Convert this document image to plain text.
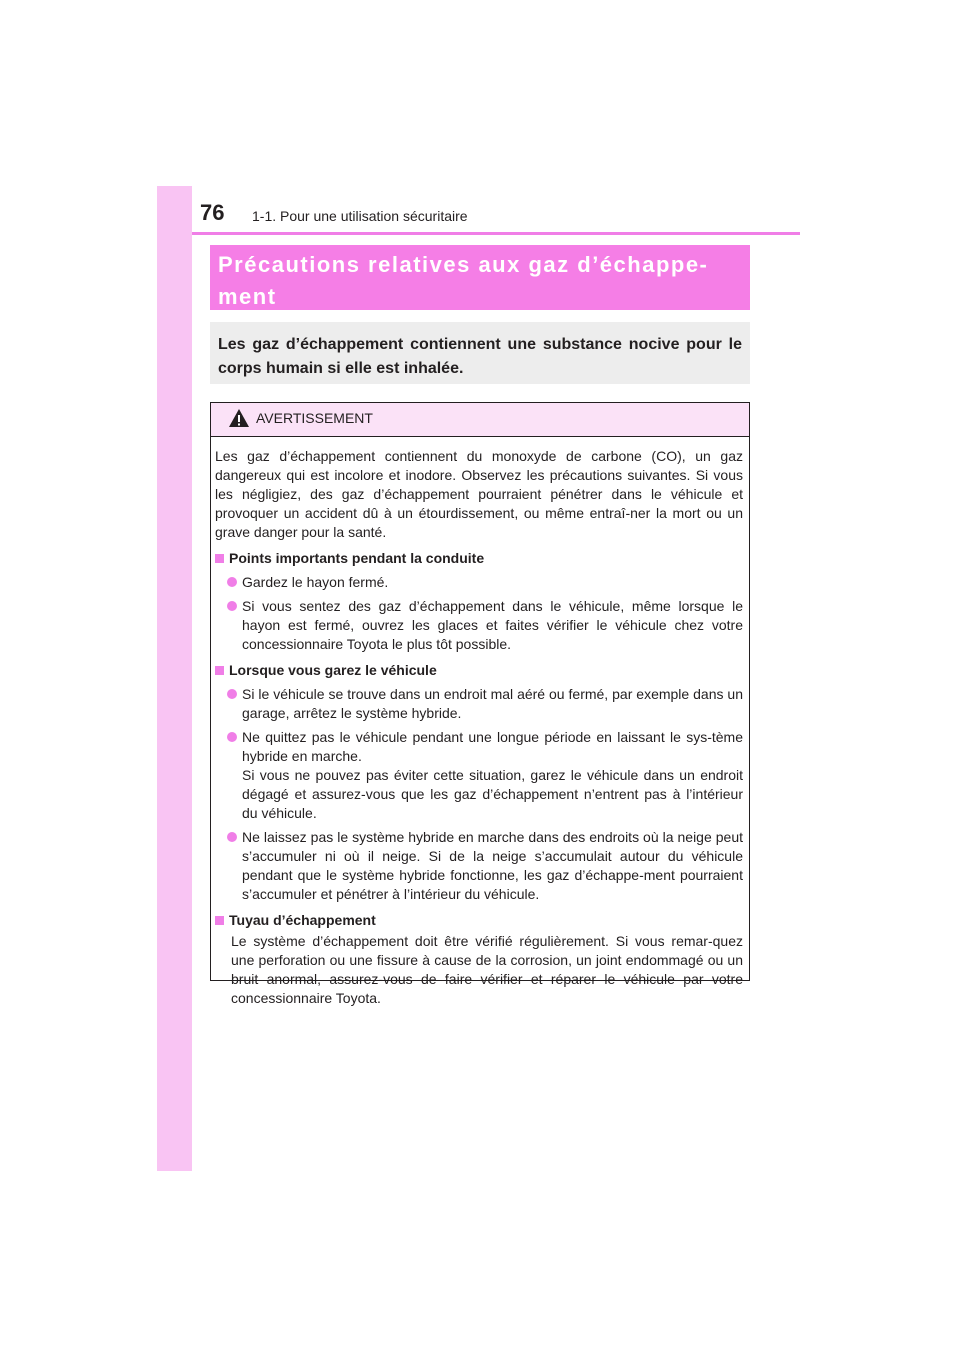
76 1-1. Pour une utilisation sécuritaire
Précautions relatives aux gaz d’échappe-ment

Les gaz d’échappement contiennent une substance nocive pour le corps humain si elle est inhalée.

AVERTISSEMENT

Les gaz d’échappement contiennent du monoxyde de carbone (CO), un gaz dangereux qui est incolore et inodore. Observez les précautions suivantes. Si vous les négligiez, des gaz d’échappement pourraient pénétrer dans le véhicule et provoquer un accident dû à un étourdissement, ou même entraî-ner la mort ou un grave danger pour la santé.

Points importants pendant la conduite
Gardez le hayon fermé.
Si vous sentez des gaz d’échappement dans le véhicule, même lorsque le hayon est fermé, ouvrez les glaces et faites vérifier le véhicule chez votre concessionnaire Toyota le plus tôt possible.
Lorsque vous garez le véhicule
Si le véhicule se trouve dans un endroit mal aéré ou fermé, par exemple dans un garage, arrêtez le système hybride.
Ne quittez pas le véhicule pendant une longue période en laissant le sys-tème hybride en marche.
Si vous ne pouvez pas éviter cette situation, garez le véhicule dans un endroit dégagé et assurez-vous que les gaz d’échappement n’entrent pas à l’intérieur du véhicule.
Ne laissez pas le système hybride en marche dans des endroits où la neige peut s’accumuler ni où il neige. Si de la neige s’accumulait autour du véhicule pendant que le système hybride fonctionne, les gaz d’échappe-ment pourraient s’accumuler et pénétrer à l’intérieur du véhicule.
Tuyau d’échappement

Le système d’échappement doit être vérifié régulièrement. Si vous remar-quez une perforation ou une fissure à cause de la corrosion, un joint endommagé ou un bruit anormal, assurez-vous de faire vérifier et réparer le véhicule par votre concessionnaire Toyota.
